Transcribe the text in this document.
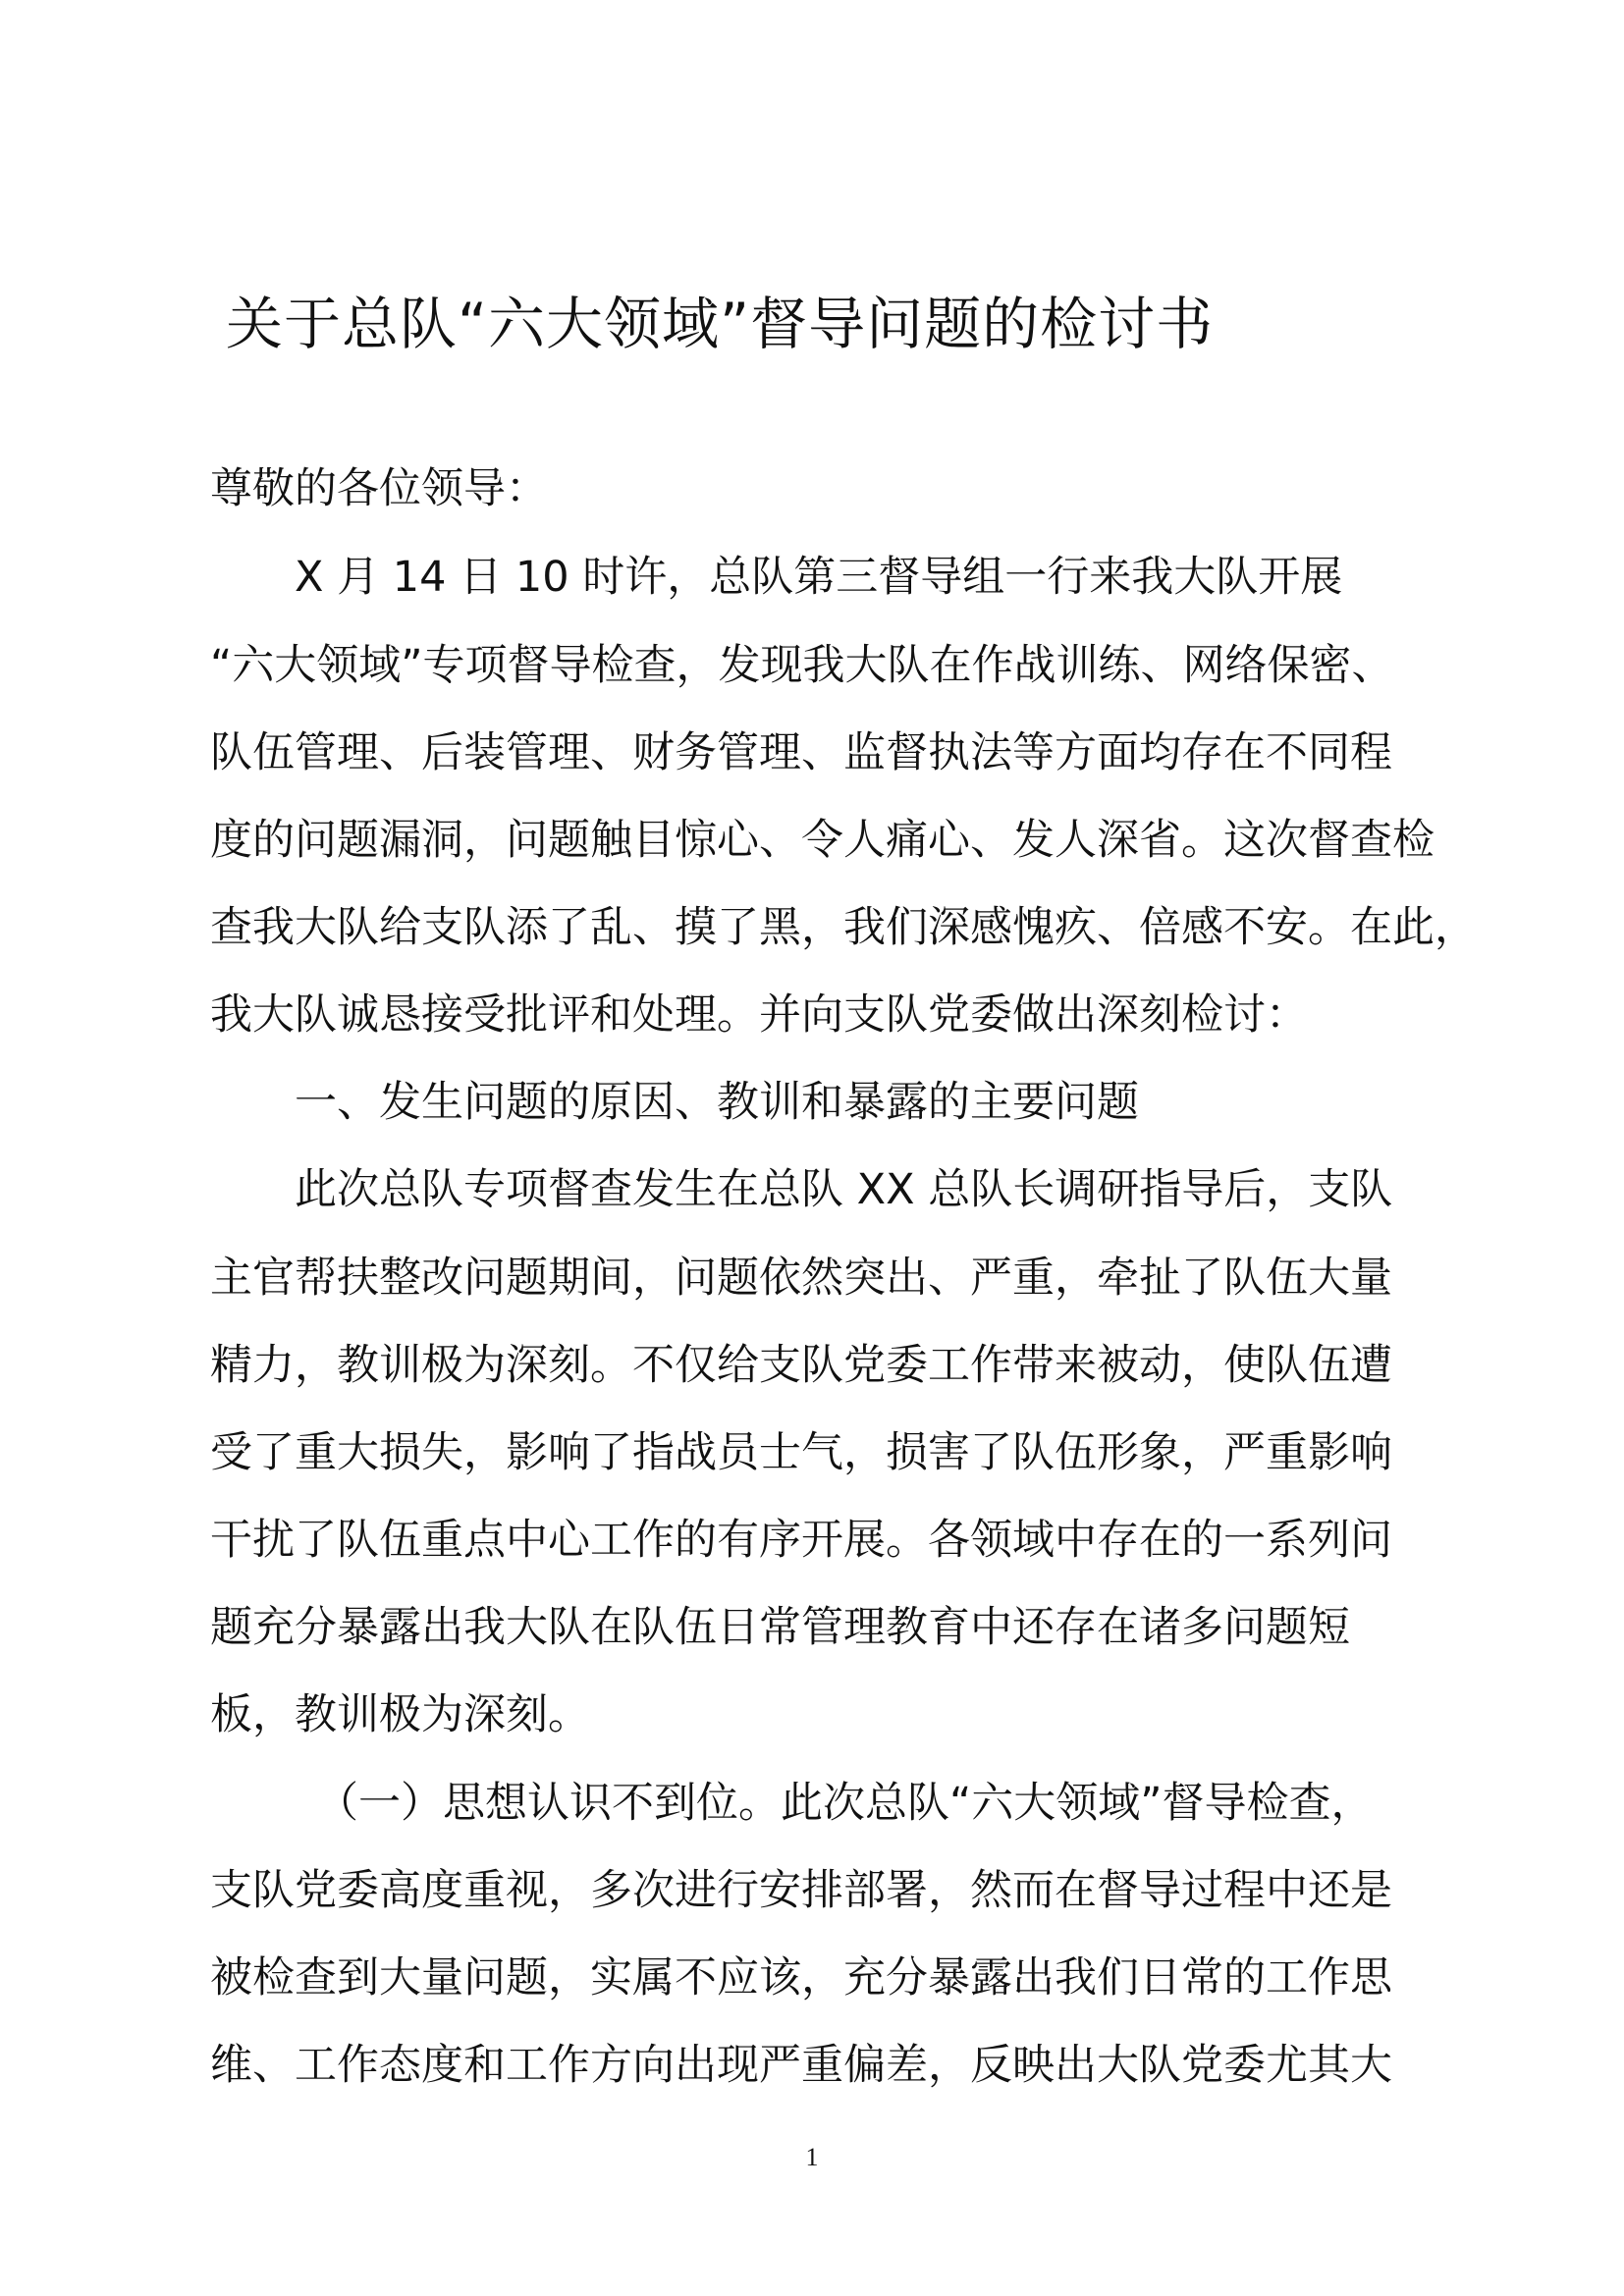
关于总队“六大领域”督导问题的检讨书

尊敬的各位领导：

X 月 14 日 10 时许，总队第三督导组一行来我大队开展

“六大领域”专项督导检查，发现我大队在作战训练、网络保密、

队伍管理、后装管理、财务管理、监督执法等方面均存在不同程

度的问题漏洞，问题触目惊心、令人痛心、发人深省。这次督查检

查我大队给支队添了乱、摸了黑，我们深感愧疚、倍感不安。在此，

我大队诚恳接受批评和处理。并向支队党委做出深刻检讨：

一、发生问题的原因、教训和暴露的主要问题

此次总队专项督查发生在总队 XX 总队长调研指导后，支队

主官帮扶整改问题期间，问题依然突出、严重，牵扯了队伍大量

精力，教训极为深刻。不仅给支队党委工作带来被动，使队伍遭

受了重大损失，影响了指战员士气，损害了队伍形象，严重影响

干扰了队伍重点中心工作的有序开展。各领域中存在的一系列问

题充分暴露出我大队在队伍日常管理教育中还存在诸多问题短

板，教训极为深刻。

（一）思想认识不到位。此次总队“六大领域”督导检查，

支队党委高度重视，多次进行安排部署，然而在督导过程中还是

被检查到大量问题，实属不应该，充分暴露出我们日常的工作思

维、工作态度和工作方向出现严重偏差，反映出大队党委尤其大

1
